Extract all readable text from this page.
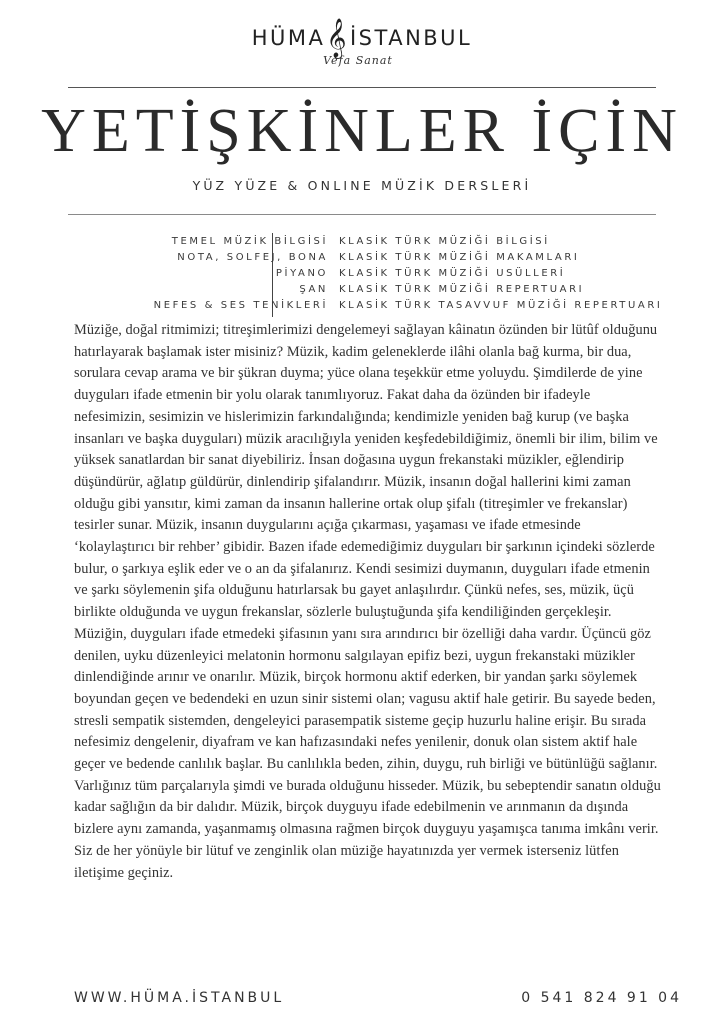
HÜMA𝄞İSTANBUL
Vefa Sanat
YETİŞKİNLER İÇİN
YÜZ YÜZE & ONLINE MÜZİK DERSLERİ
TEMEL MÜZİK BİLGİSİ
NOTA, SOLFEJ, BONA
PİYANO
ŞAN
NEFES & SES TENİKLERİ
KLASİK TÜRK MÜZİĞİ BİLGİSİ
KLASİK TÜRK MÜZİĞİ MAKAMLARI
KLASİK TÜRK MÜZİĞİ USÜLLERİ
KLASİK TÜRK MÜZİĞİ REPERTUARI
KLASİK TÜRK TASAVVUF MÜZİĞİ REPERTUARI

Müziğe, doğal ritmimizi; titreşimlerimizi dengelemeyi sağlayan kâinatın özünden bir lütûf olduğunu hatırlayarak başlamak ister misiniz? Müzik, kadim geleneklerde ilâhi olanla bağ kurma, bir dua, sorulara cevap arama ve bir şükran duyma; yüce olana teşekkür etme yoluydu. Şimdilerde de yine duyguları ifade etmenin bir yolu olarak tanımlıyoruz. Fakat daha da özünden bir ifadeyle nefesimizin, sesimizin ve hislerimizin farkındalığında; kendimizle yeniden bağ kurup (ve başka insanları ve başka duyguları) müzik aracılığıyla yeniden keşfedebildiğimiz, önemli bir ilim, bilim ve yüksek sanatlardan bir sanat diyebiliriz. İnsan doğasına uygun frekanstaki müzikler, eğlendirip düşündürür, ağlatıp güldürür, dinlendirip şifalandırır. Müzik, insanın doğal hallerini kimi zaman olduğu gibi yansıtır, kimi zaman da insanın hallerine ortak olup şifalı (titreşimler ve frekanslar) tesirler sunar. Müzik, insanın duygularını açığa çıkarması, yaşaması ve ifade etmesinde ‘kolaylaştırıcı bir rehber’ gibidir. Bazen ifade edemediğimiz duyguları bir şarkının içindeki sözlerde bulur, o şarkıya eşlik eder ve o an da şifalanırız. Kendi sesimizi duymanın, duyguları ifade etmenin ve şarkı söylemenin şifa olduğunu hatırlarsak bu gayet anlaşılırdır. Çünkü nefes, ses, müzik, üçü birlikte olduğunda ve uygun frekanslar, sözlerle buluştuğunda şifa kendiliğinden gerçekleşir. Müziğin, duyguları ifade etmedeki şifasının yanı sıra arındırıcı bir özelliği daha vardır. Üçüncü göz denilen, uyku düzenleyici melatonin hormonu salgılayan epifiz bezi, uygun frekanstaki müzikler dinlendiğinde arınır ve onarılır. Müzik, birçok hormonu aktif ederken, bir yandan şarkı söylemek boyundan geçen ve bedendeki en uzun sinir sistemi olan; vagusu aktif hale getirir. Bu sayede beden, stresli sempatik sistemden, dengeleyici parasempatik sisteme geçip huzurlu haline erişir. Bu sırada nefesimiz dengelenir, diyafram ve kan hafızasındaki nefes yenilenir, donuk olan sistem aktif hale geçer ve bedende canlılık başlar. Bu canlılıkla beden, zihin, duygu, ruh birliği ve bütünlüğü sağlanır. Varlığınız tüm parçalarıyla şimdi ve burada olduğunu hisseder. Müzik, bu sebeptendir sanatın olduğu kadar sağlığın da bir dalıdır. Müzik, birçok duyguyu ifade edebilmenin ve arınmanın da dışında bizlere aynı zamanda, yaşanmamış olmasına rağmen birçok duyguyu yaşamışca tanıma imkânı verir.

Siz de her yönüyle bir lütuf ve zenginlik olan müziğe hayatınızda yer vermek isterseniz lütfen iletişime geçiniz.

WWW.HÜMA.İSTANBUL	0 541 824 91 04
